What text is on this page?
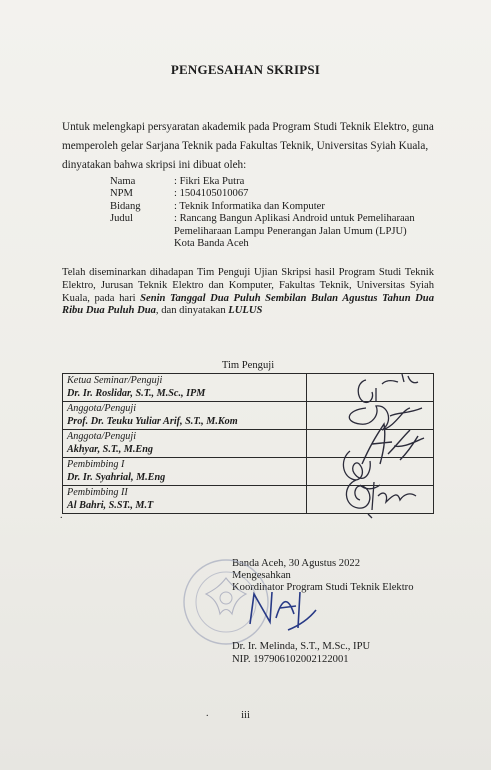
PENGESAHAN SKRIPSI
Untuk melengkapi persyaratan akademik pada Program Studi Teknik Elektro, guna
memperoleh gelar Sarjana Teknik pada Fakultas Teknik, Universitas Syiah Kuala,
dinyatakan bahwa skripsi ini dibuat oleh:
Nama	: Fikri Eka Putra
NPM	: 1504105010067
Bidang	: Teknik Informatika dan Komputer
Judul	: Rancang Bangun Aplikasi Android untuk Pemeliharaan Pemeliharaan Lampu Penerangan Jalan Umum (LPJU) Kota Banda Aceh
Telah diseminarkan dihadapan Tim Penguji Ujian Skripsi hasil Program Studi Teknik Elektro, Jurusan Teknik Elektro dan Komputer, Fakultas Teknik, Universitas Syiah Kuala, pada hari Senin Tanggal Dua Puluh Sembilan Bulan Agustus Tahun Dua Ribu Dua Puluh Dua, dan dinyatakan LULUS
Tim Penguji
Ketua Seminar/Penguji
Dr. Ir. Roslidar, S.T., M.Sc., IPM	

Anggota/Penguji
Prof. Dr. Teuku Yuliar Arif, S.T., M.Kom	

Anggota/Penguji
Akhyar, S.T., M.Eng	

Pembimbing I
Dr. Ir. Syahrial, M.Eng	

Pembimbing II
Al Bahri, S.ST., M.T	

.
Banda Aceh, 30 Agustus 2022
Mengesahkan
Koordinator Program Studi Teknik Elektro
Dr. Ir. Melinda, S.T., M.Sc., IPU
NIP. 197906102002122001
.	iii
